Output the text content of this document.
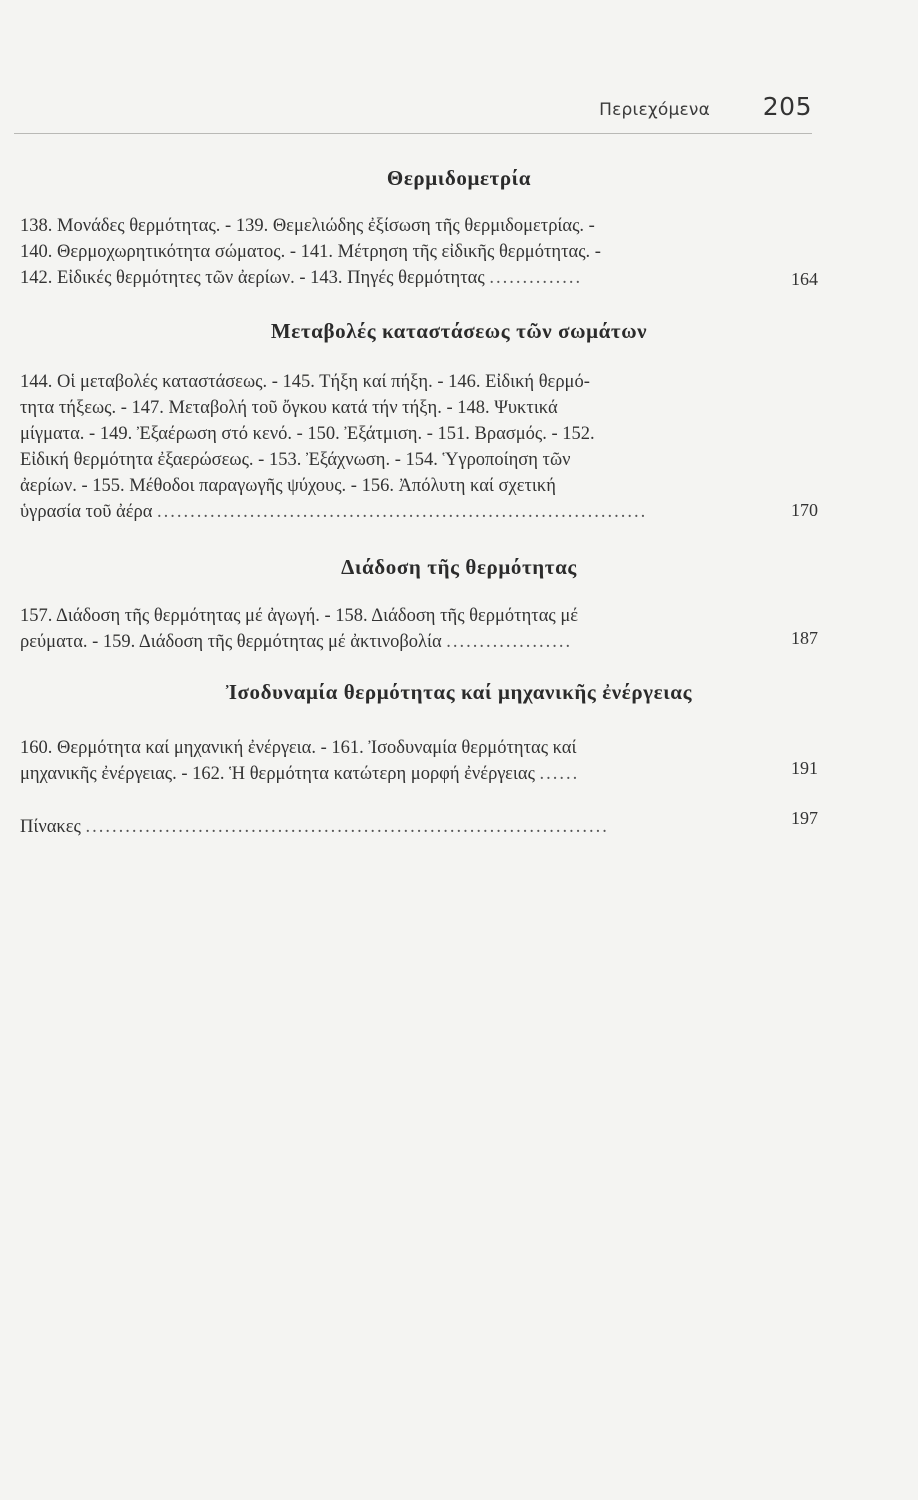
Περιεχόμενα 205
Θερμιδομετρία
138. Μονάδες θερμότητας. - 139. Θεμελιώδης ἐξίσωση τῆς θερμιδομετρίας. -
140. Θερμοχωρητικότητα σώματος. - 141. Μέτρηση τῆς εἰδικῆς θερμότητας. -
142. Εἰδικές θερμότητες τῶν ἀερίων. - 143. Πηγές θερμότητας ..............	164
Μεταβολές καταστάσεως τῶν σωμάτων
144. Οἱ μεταβολές καταστάσεως. - 145. Τήξη καί πήξη. - 146. Εἰδική θερμό-
τητα τήξεως. - 147. Μεταβολή τοῦ ὄγκου κατά τήν τήξη. - 148. Ψυκτικά
μίγματα. - 149. Ἐξαέρωση στό κενό. - 150. Ἐξάτμιση. - 151. Βρασμός. - 152.
Εἰδική θερμότητα ἐξαερώσεως. - 153. Ἐξάχνωση. - 154. Ὑγροποίηση τῶν
ἀερίων. - 155. Μέθοδοι παραγωγῆς ψύχους. - 156. Ἀπόλυτη καί σχετική
ὑγρασία τοῦ ἀέρα ..........................................................................	170
Διάδοση τῆς θερμότητας
157. Διάδοση τῆς θερμότητας μέ ἀγωγή. - 158. Διάδοση τῆς θερμότητας μέ
ρεύματα. - 159. Διάδοση τῆς θερμότητας μέ ἀκτινοβολία ...................	187
Ἰσοδυναμία θερμότητας καί μηχανικῆς ἐνέργειας
160. Θερμότητα καί μηχανική ἐνέργεια. - 161. Ἰσοδυναμία θερμότητας καί
μηχανικῆς ἐνέργειας. - 162. Ἡ θερμότητα κατώτερη μορφή ἐνέργειας ......	191
Πίνακες ...............................................................................	197
